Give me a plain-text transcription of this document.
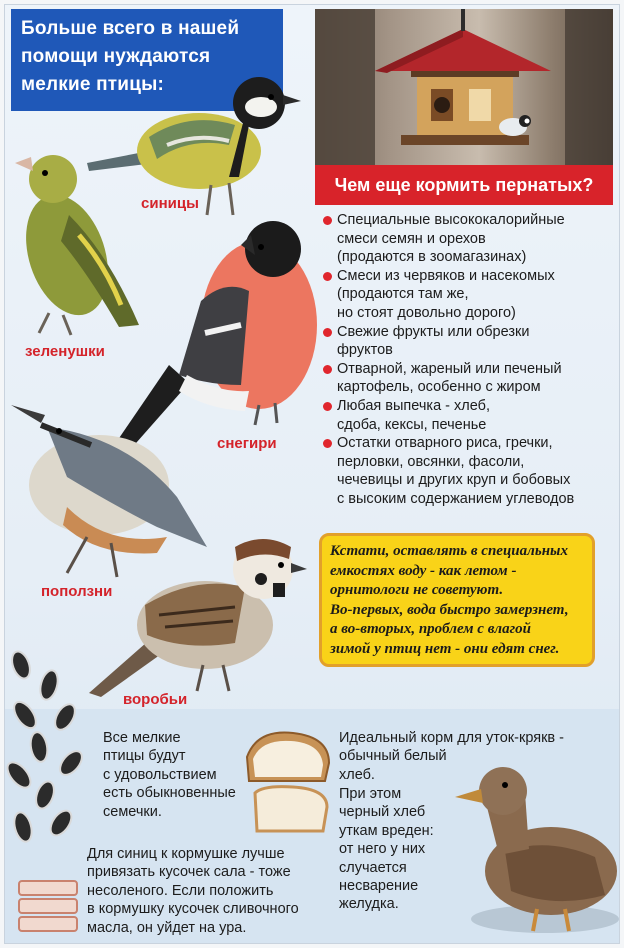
Больше всего в нашей
помощи нуждаются
мелкие птицы:
Чем еще кормить пернатых?
Специальные высококалорийные
смеси семян и орехов
(продаются в зоомагазинах)
Смеси из червяков и насекомых
(продаются там же,
но стоят довольно дорого)
Свежие фрукты или обрезки
фруктов
Отварной, жареный или печеный
картофель, особенно с жиром
Любая выпечка - хлеб,
сдоба, кексы, печенье
Остатки отварного риса, гречки,
перловки, овсянки, фасоли,
чечевицы и других круп и бобовых
с высоким содержанием углеводов
Кстати, оставлять в специальных
емкостях воду - как летом -
орнитологи не советуют.
Во-первых, вода быстро замерзнет,
а во-вторых, проблем с влагой
зимой у птиц нет - они едят снег.
синицы
зеленушки
снегири
поползни
воробьи
Все мелкие
птицы будут
с удовольствием
есть обыкновенные
семечки.
Идеальный корм для уток-крякв -
обычный белый
хлеб.
При этом
черный хлеб
уткам вреден:
от него у них
случается
несварение
желудка.
Для синиц к кормушке лучше
привязать кусочек сала - тоже
несоленого. Если положить
в кормушку кусочек сливочного
масла, он уйдет на ура.
